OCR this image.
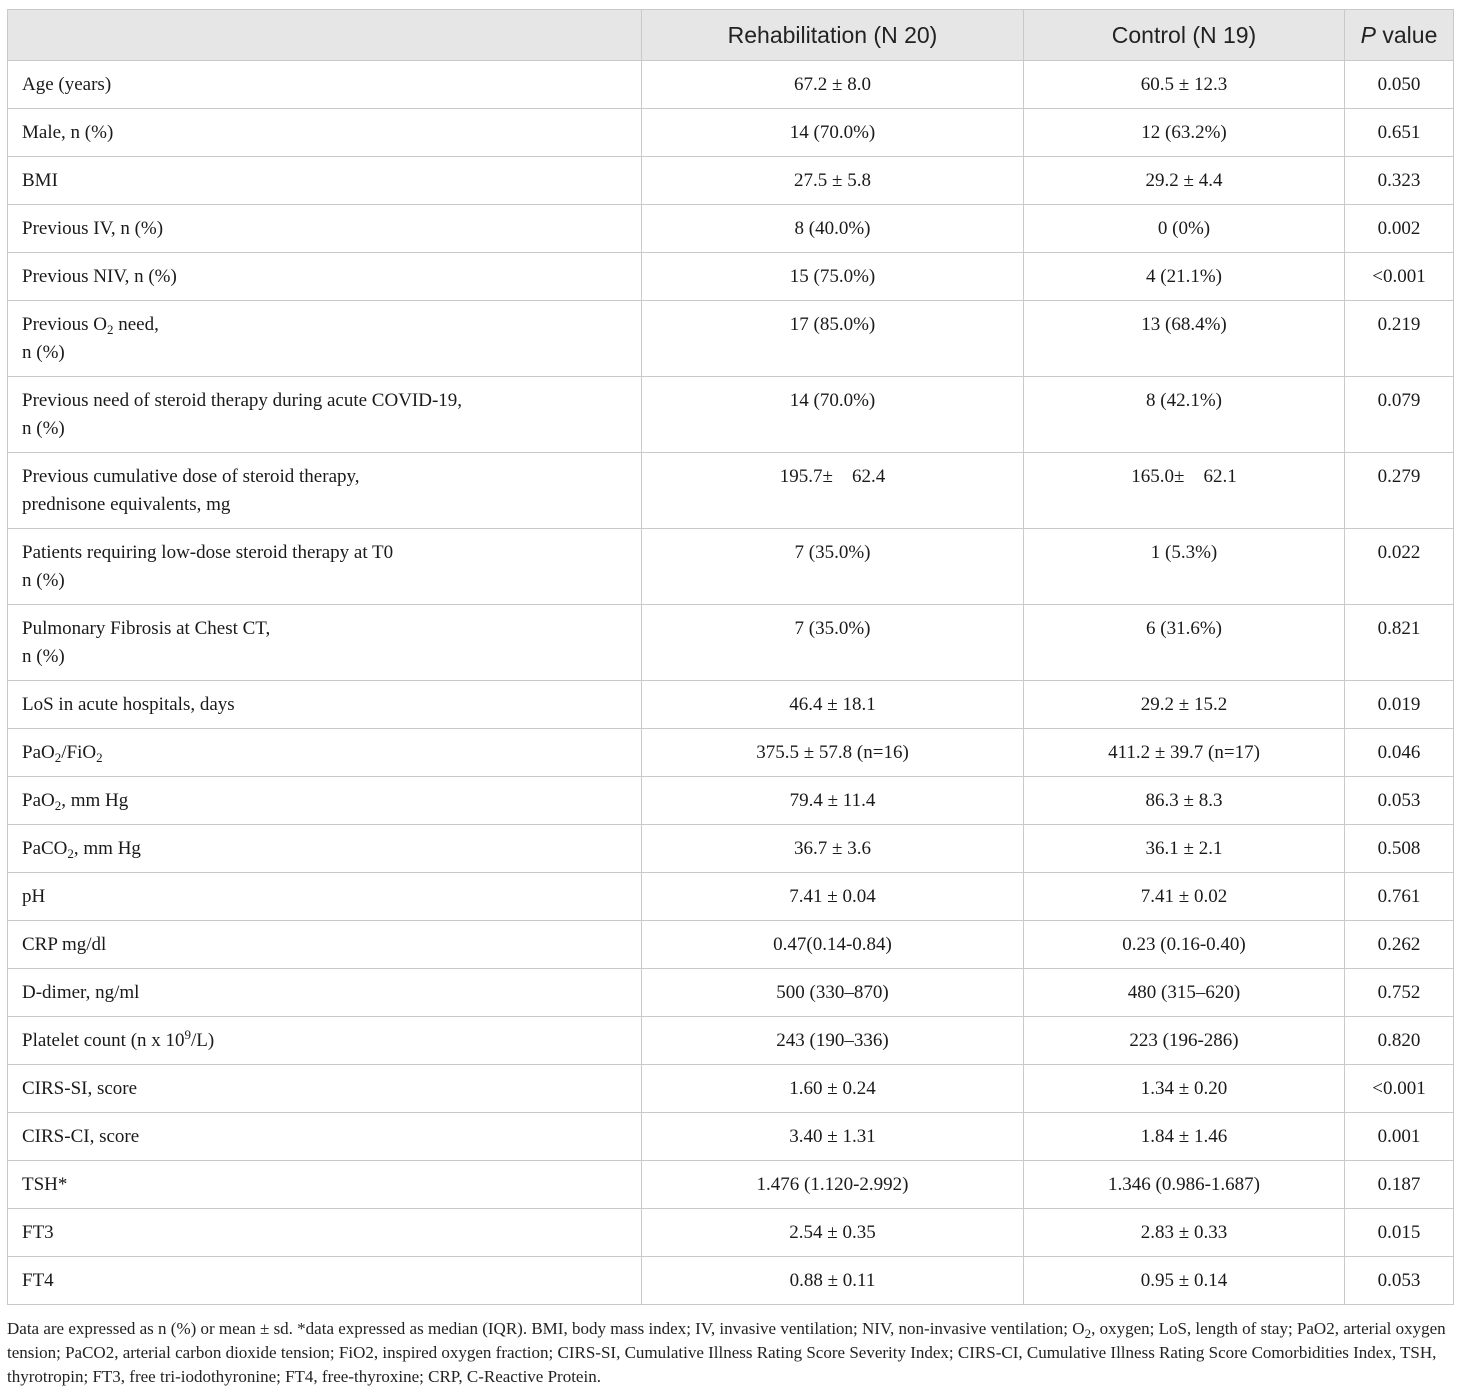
	Rehabilitation (N 20)	Control (N 19)	P value
Age (years)	67.2 ± 8.0	60.5 ± 12.3	0.050
Male, n (%)	14 (70.0%)	12 (63.2%)	0.651
BMI	27.5 ± 5.8	29.2 ± 4.4	0.323
Previous IV, n (%)	8 (40.0%)	0 (0%)	0.002
Previous NIV, n (%)	15 (75.0%)	4 (21.1%)	<0.001
Previous $O_2$ need,
n (%)	17 (85.0%)	13 (68.4%)	0.219
Previous need of steroid therapy during acute COVID-19,
n (%)	14 (70.0%)	8 (42.1%)	0.079
Previous cumulative dose of steroid therapy,
prednisone equivalents, mg	195.7±    62.4	165.0±    62.1	0.279
Patients requiring low-dose steroid therapy at T0
n (%)	7 (35.0%)	1 (5.3%)	0.022
Pulmonary Fibrosis at Chest CT,
n (%)	7 (35.0%)	6 (31.6%)	0.821
LoS in acute hospitals, days	46.4 ± 18.1	29.2 ± 15.2	0.019
PaO$_2$/FiO$_2$	375.5 ± 57.8 (n=16)	411.2 ± 39.7 (n=17)	0.046
PaO$_2$, mm Hg	79.4 ± 11.4	86.3 ± 8.3	0.053
PaCO$_2$, mm Hg	36.7 ± 3.6	36.1 ± 2.1	0.508
pH	7.41 ± 0.04	7.41 ± 0.02	0.761
CRP mg/dl	0.47(0.14-0.84)	0.23 (0.16-0.40)	0.262
D-dimer, ng/ml	500 (330–870)	480 (315–620)	0.752
Platelet count (n x $10^9/L$)	243 (190–336)	223 (196-286)	0.820
CIRS-SI, score	1.60 ± 0.24	1.34 ± 0.20	<0.001
CIRS-CI, score	3.40 ± 1.31	1.84 ± 1.46	0.001
TSH*	1.476 (1.120-2.992)	1.346 (0.986-1.687)	0.187
FT3	2.54 ± 0.35	2.83 ± 0.33	0.015
FT4	0.88 ± 0.11	0.95 ± 0.14	0.053
Data are expressed as n (%) or mean ± sd. *data expressed as median (IQR). BMI, body mass index; IV, invasive ventilation; NIV, non-invasive ventilation; $O_2$, oxygen; LoS, length of stay; PaO2, arterial oxygen tension; PaCO2, arterial carbon dioxide tension; FiO2, inspired oxygen fraction; CIRS-SI, Cumulative Illness Rating Score Severity Index; CIRS-CI, Cumulative Illness Rating Score Comorbidities Index, TSH, thyrotropin; FT3, free tri-iodothyronine; FT4, free-thyroxine; CRP, C-Reactive Protein.
